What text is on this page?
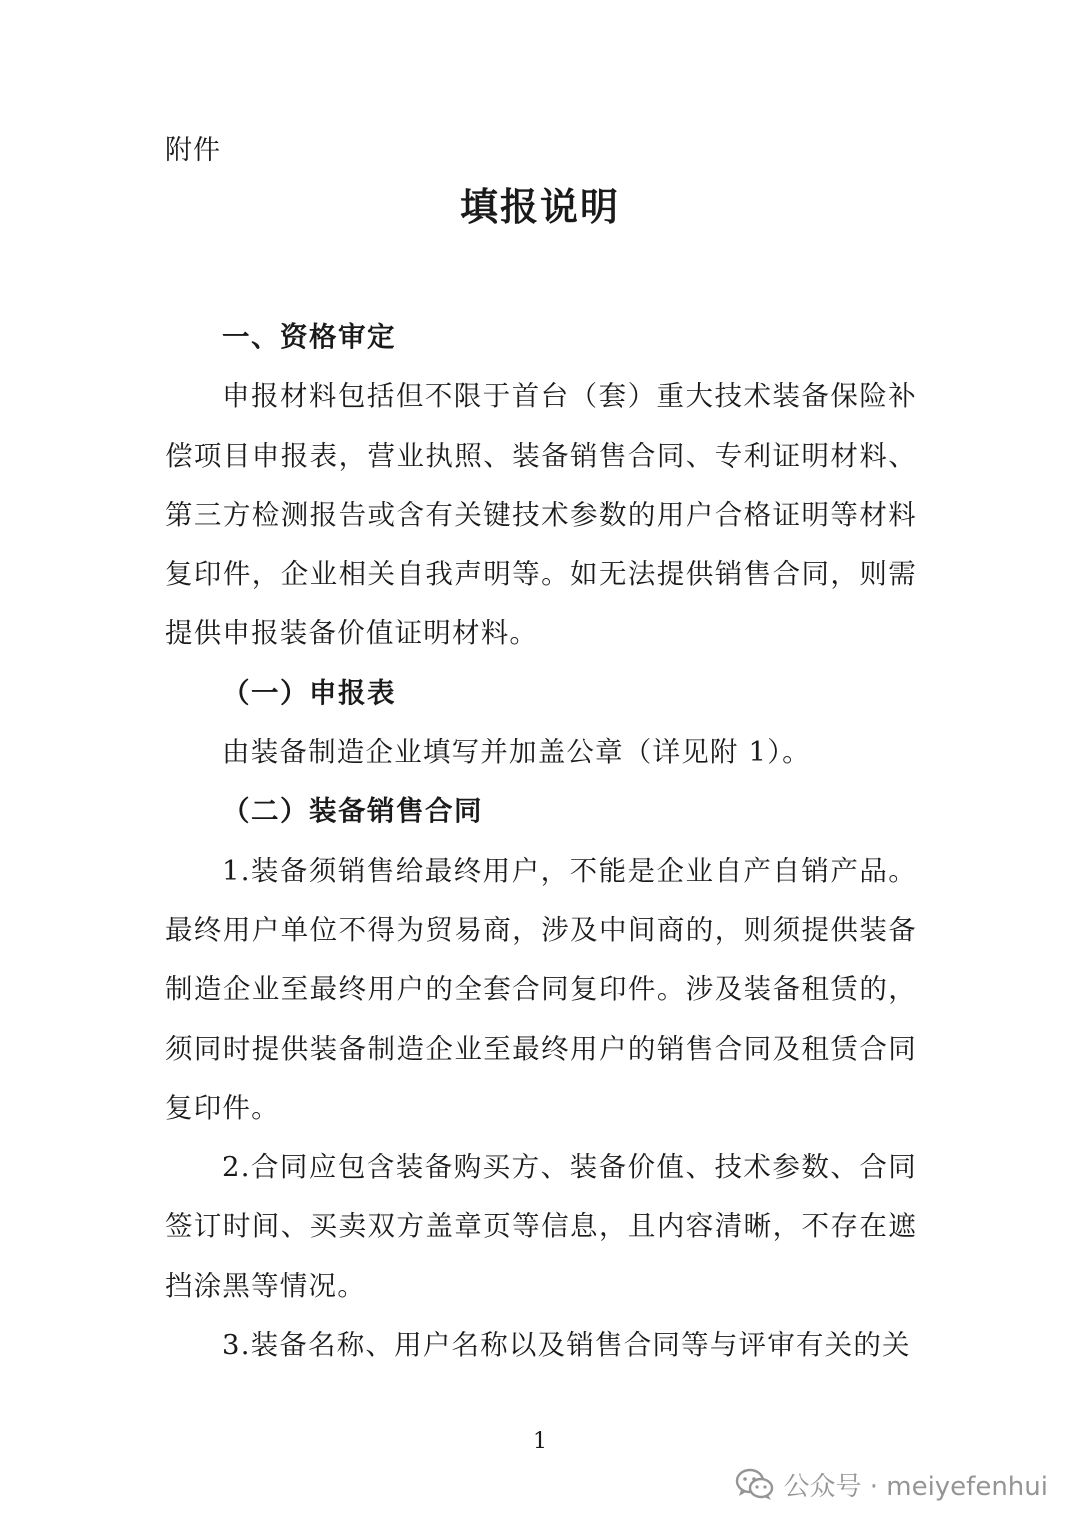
附件
填报说明

一、资格审定

申报材料包括但不限于首台（套）重大技术装备保险补偿项目申报表，营业执照、装备销售合同、专利证明材料、第三方检测报告或含有关键技术参数的用户合格证明等材料复印件，企业相关自我声明等。如无法提供销售合同，则需提供申报装备价值证明材料。

（一）申报表

由装备制造企业填写并加盖公章（详见附 1）。

（二）装备销售合同

1.装备须销售给最终用户，不能是企业自产自销产品。最终用户单位不得为贸易商，涉及中间商的，则须提供装备制造企业至最终用户的全套合同复印件。涉及装备租赁的，须同时提供装备制造企业至最终用户的销售合同及租赁合同复印件。

2.合同应包含装备购买方、装备价值、技术参数、合同签订时间、买卖双方盖章页等信息，且内容清晰，不存在遮挡涂黑等情况。

3.装备名称、用户名称以及销售合同等与评审有关的关

1
公众号 · meiyefenhui
